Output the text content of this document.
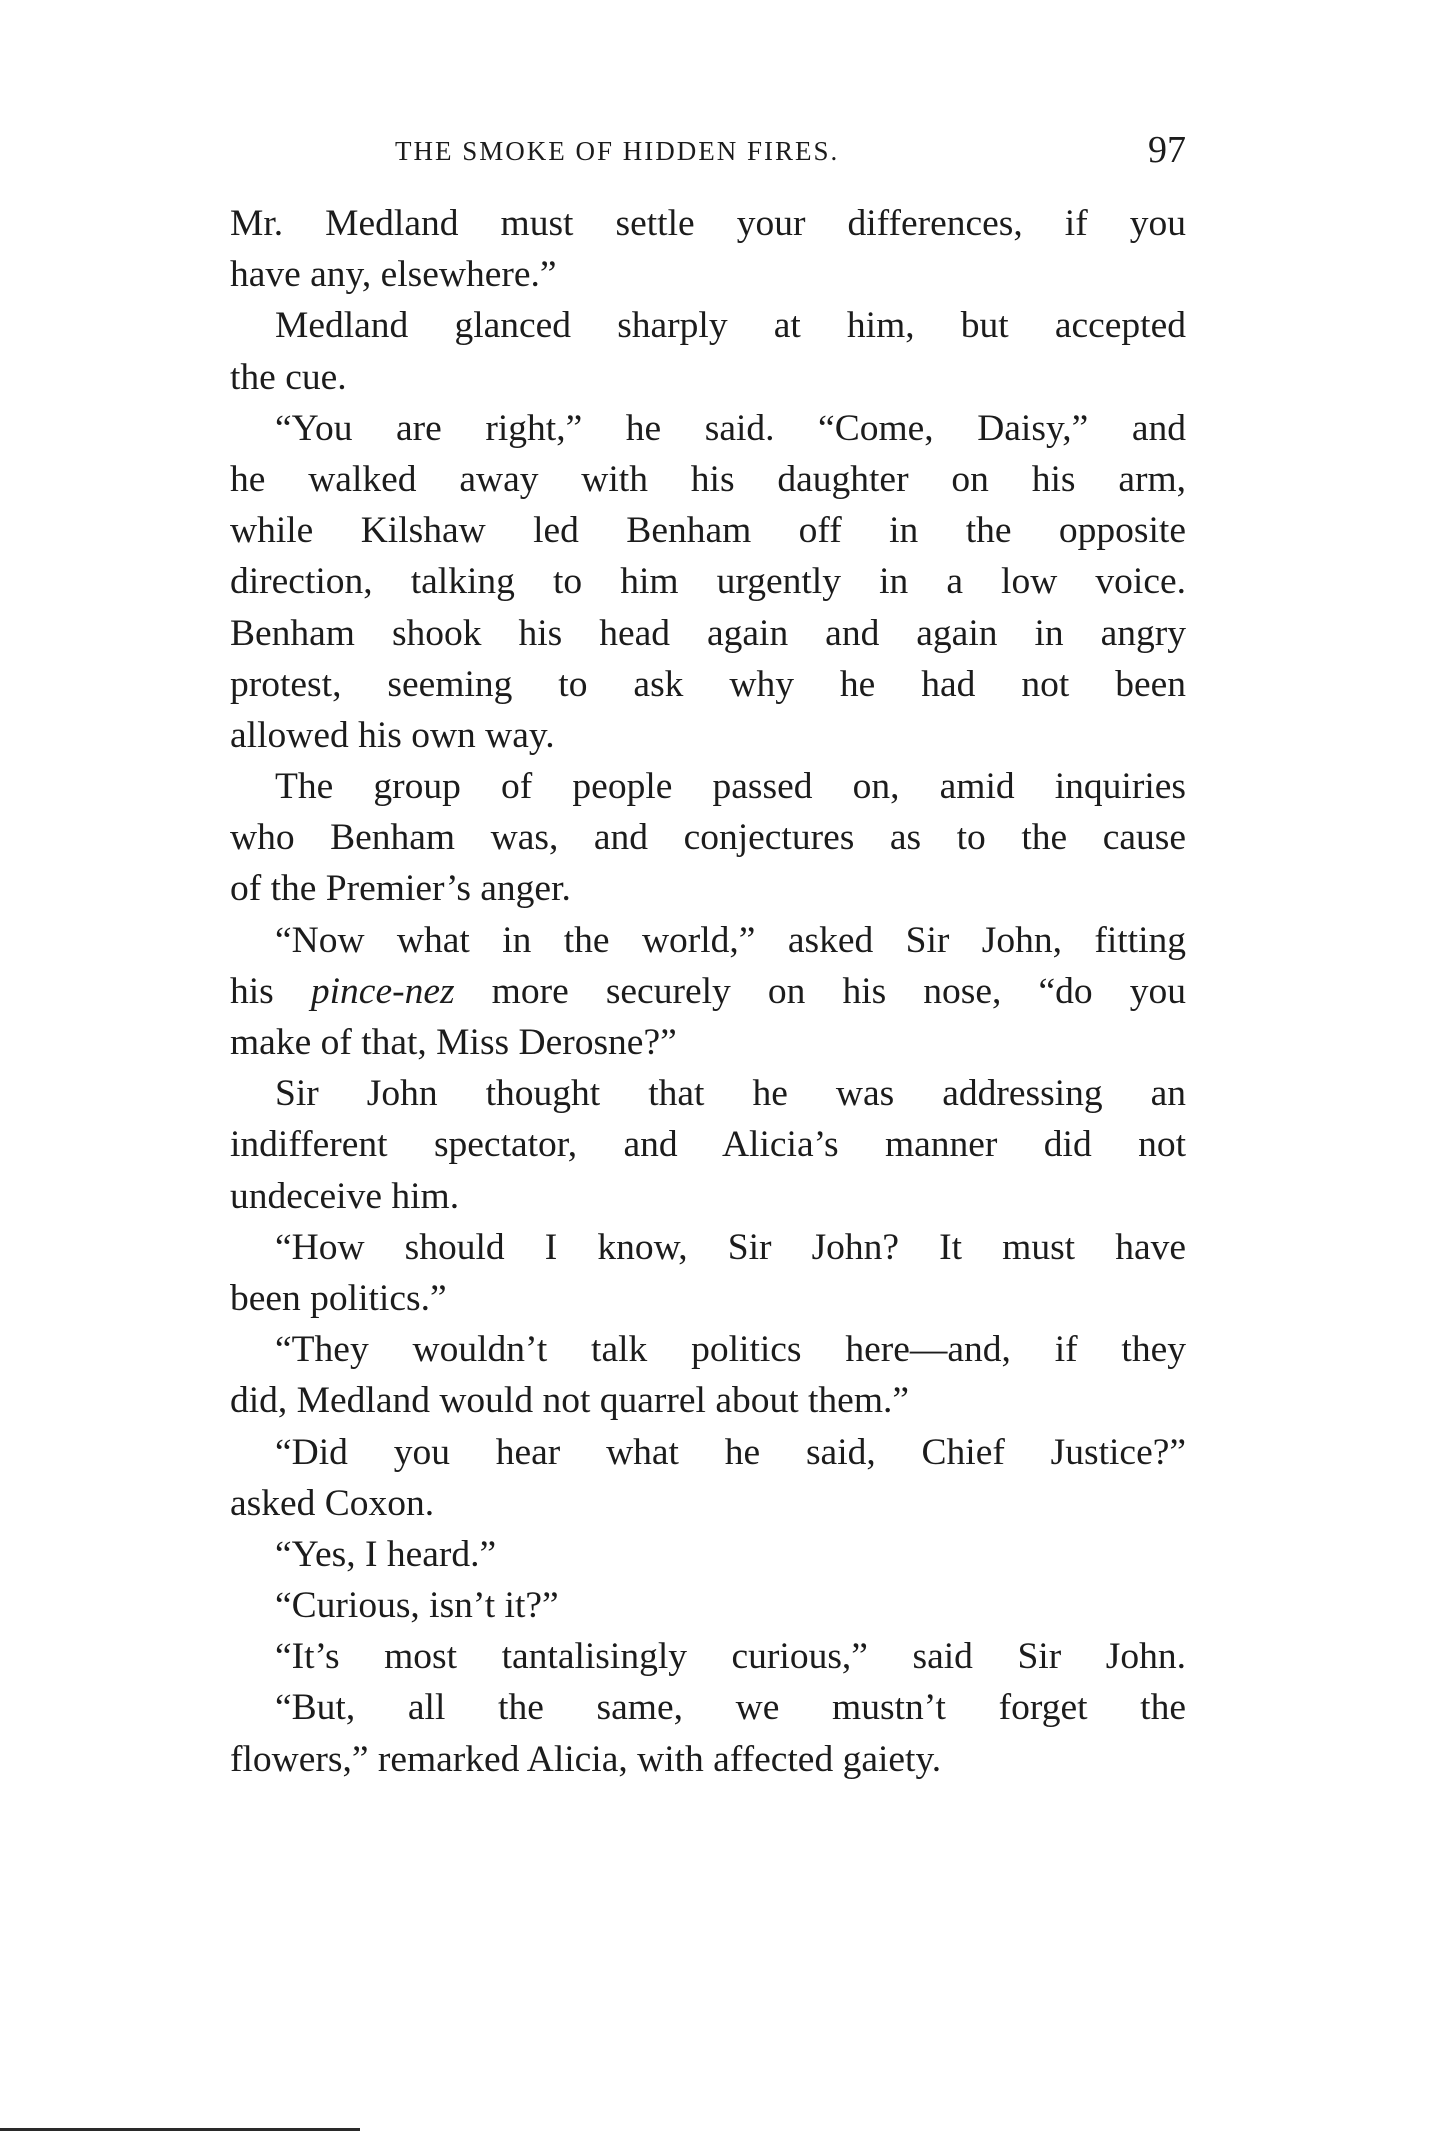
THE SMOKE OF HIDDEN FIRES.	97
Mr. Medland must settle your differences, if you
have any, elsewhere.”
Medland glanced sharply at him, but accepted
the cue.
“You are right,” he said. “Come, Daisy,” and
he walked away with his daughter on his arm,
while Kilshaw led Benham off in the opposite
direction, talking to him urgently in a low voice.
Benham shook his head again and again in angry
protest, seeming to ask why he had not been
allowed his own way.
The group of people passed on, amid inquiries
who Benham was, and conjectures as to the cause
of the Premier’s anger.
“Now what in the world,” asked Sir John, fitting
his pince-nez more securely on his nose, “do you
make of that, Miss Derosne?”
Sir John thought that he was addressing an
indifferent spectator, and Alicia’s manner did not
undeceive him.
“How should I know, Sir John? It must have
been politics.”
“They wouldn’t talk politics here—and, if they
did, Medland would not quarrel about them.”
“Did you hear what he said, Chief Justice?”
asked Coxon.
“Yes, I heard.”
“Curious, isn’t it?”
“It’s most tantalisingly curious,” said Sir John.
“But, all the same, we mustn’t forget the
flowers,” remarked Alicia, with affected gaiety.
